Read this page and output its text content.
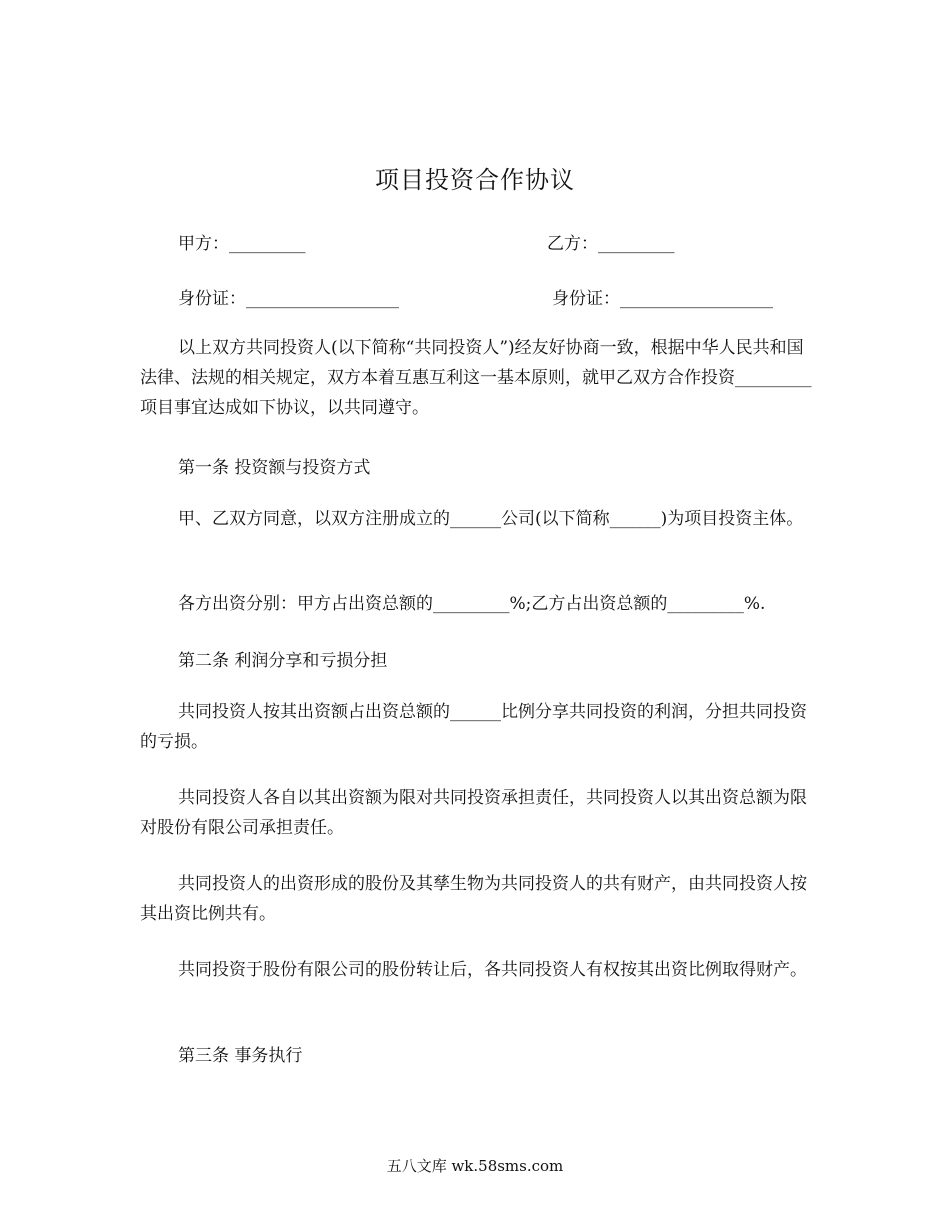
项目投资合作协议
甲方：_________	乙方：_________
身份证：__________________	身份证：__________________
以上双方共同投资人(以下简称“共同投资人”)经友好协商一致，根据中华人民共和国法律、法规的相关规定，双方本着互惠互利这一基本原则，就甲乙双方合作投资_________项目事宜达成如下协议，以共同遵守。
第一条 投资额与投资方式
甲、乙双方同意，以双方注册成立的______公司(以下简称______)为项目投资主体。
各方出资分别：甲方占出资总额的_________%;乙方占出资总额的_________%.
第二条 利润分享和亏损分担
共同投资人按其出资额占出资总额的______比例分享共同投资的利润，分担共同投资的亏损。
共同投资人各自以其出资额为限对共同投资承担责任，共同投资人以其出资总额为限对股份有限公司承担责任。
共同投资人的出资形成的股份及其孳生物为共同投资人的共有财产，由共同投资人按其出资比例共有。
共同投资于股份有限公司的股份转让后，各共同投资人有权按其出资比例取得财产。
第三条 事务执行
五八文库 wk.58sms.com
